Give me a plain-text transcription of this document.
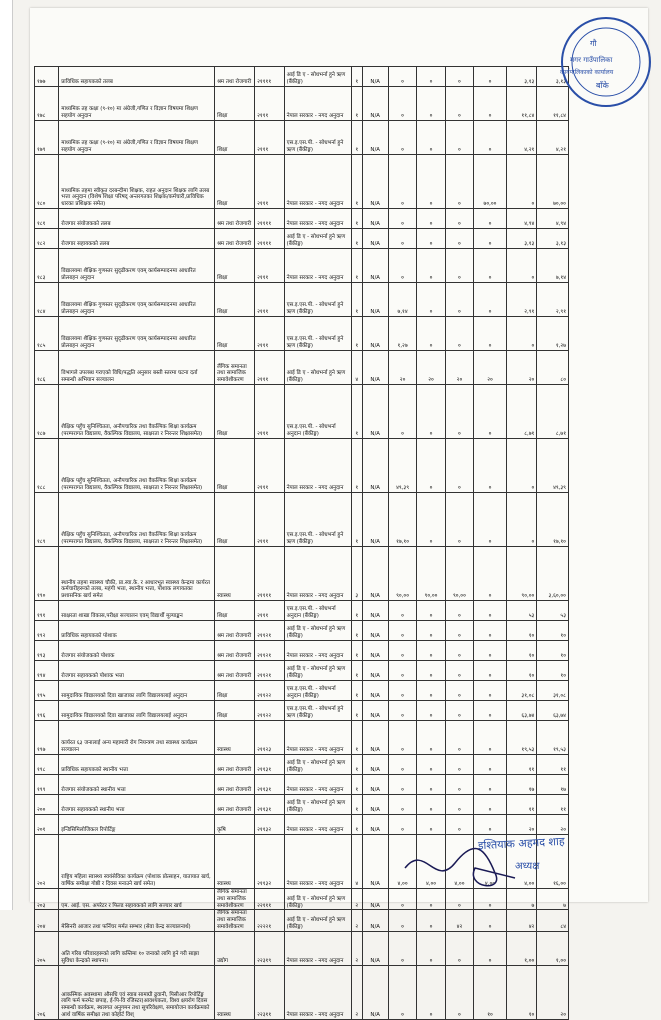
१७७	प्राविधिक सहायकको तलब	श्रम तथा रोजगारी	२११११	आई डि ए - सोधभर्ना हुने ऋण (बैंकीङ्ग)	१	N/A	०	०	०	०	३,१३	३,१३
१७८	माध्यमिक तह कक्षा (९-१०) मा अंग्रेजी,गणित र विज्ञान विषयमा शिक्षण सहयोग अनुदान	शिक्षा	२१११	नेपाल सरकार - नगद अनुदान	१	N/A	०	०	०	०	११,८४	११,८४
१७९	माध्यमिक तह कक्षा (९-१०) मा अंग्रेजी,गणित र विज्ञान विषयमा शिक्षण सहयोग अनुदान	शिक्षा	२१११	एस.इ.एस.पी. - सोधभर्ना हुने ऋण (बैंकीङ्ग)	१	N/A	०	०	०	०	४,२१	४,२१
१८०	माध्यमिक तहमा स्वीकृत दरबन्दीमा शिक्षक, राहत अनुदान शिक्षक लागि तलब भत्ता अनुदान (विशेष शिक्षा परिषद् अन्तरगतका शिक्षक/कर्मचारी,प्राविधिक धारका प्रशिक्षक समेत)	शिक्षा	२१११	नेपाल सरकार - नगद अनुदान	१	N/A	०	०	०	७०,००	०	७०,००
१८१	रोजगार संयोजकको तलब	श्रम तथा रोजगारी	२११११	नेपाल सरकार - नगद अनुदान	१	N/A	०	०	०	०	४,९४	४,९४
१८२	रोजगार सहायकको तलब	श्रम तथा रोजगारी	२११११	आई डि ए - सोधभर्ना हुने ऋण (बैंकीङ्ग)	१	N/A	०	०	०	०	३,१३	३,१३
१८३	विद्यालयमा शैक्षिक गुणस्तर सुदृढीकरण एवम् कार्यसम्पादनमा आधारित प्रोत्साहन अनुदान	शिक्षा	२१११	नेपाल सरकार - नगद अनुदान	१	N/A	०	०	०	०	०	७,१४
१८४	विद्यालयमा शैक्षिक गुणस्तर सुदृढीकरण एवम् कार्यसम्पादनमा आधारित प्रोत्साहन अनुदान	शिक्षा	२१११	एस.इ.एस.पी. - सोधभर्ना हुने ऋण (बैंकीङ्ग)	१	N/A	७,१४	०	०	०	२,९१	२,९१
१८५	विद्यालयमा शैक्षिक गुणस्तर सुदृढीकरण एवम् कार्यसम्पादनमा आधारित प्रोत्साहन अनुदान	शिक्षा	२१११	एस.इ.एस.पी. - सोधभर्ना हुने ऋण (बैंकीङ्ग)	१	N/A	१,२७	०	०	०	०	१,२७
१८६	विभागले उपलब्ध गराएको विधि/पद्धति अनुसार बस्ती स्तरमा घटना दर्ता सम्बन्धी अभियान सञ्चालन	लैंगिक समानता तथा सामाजिक समावेशीकरण	२१११	आई डि ए - सोधभर्ना हुने ऋण (बैंकीङ्ग)	४	N/A	२०	२०	२०	२०	२०	८०
१८७	शैक्षिक पहुँच सुनिश्चितता, अनौपचारिक तथा वैकल्पिक शिक्षा कार्यक्रम (परम्परागत विद्यालय, वैकल्पिक विद्यालय, साक्षरता र निरन्तर शिक्षासमेत)	शिक्षा	२१११	एस.इ.एस.पी. - सोधभर्ना अनुदान (बैंकीङ्ग)	१	N/A	०	०	०	०	८,७१	८,७१
१८८	शैक्षिक पहुँच सुनिश्चितता, अनौपचारिक तथा वैकल्पिक शिक्षा कार्यक्रम (परम्परागत विद्यालय, वैकल्पिक विद्यालय, साक्षरता र निरन्तर शिक्षासमेत)	शिक्षा	२१११	नेपाल सरकार - नगद अनुदान	१	N/A	४९,३९	०	०	०	०	४९,३९
१८९	शैक्षिक पहुँच सुनिश्चितता, अनौपचारिक तथा वैकल्पिक शिक्षा कार्यक्रम (परम्परागत विद्यालय, वैकल्पिक विद्यालय, साक्षरता र निरन्तर शिक्षासमेत)	शिक्षा	२१११	एस.इ.एस.पी. - सोधभर्ना हुने ऋण (बैंकीङ्ग)	१	N/A	१७,१०	०	०	०	०	१७,१०
१९०	स्थानीय तहमा स्वास्थ्य चौकी, प्रा.स्वा.के. र आधारभूत स्वास्थ्य केन्द्रमा कार्यरत कर्मचारीहरूको तलब, महंगी भत्ता, स्थानीय भत्ता, पोशाक लगायतका प्रशासनिक खर्च समेत	स्वास्थ्य	२११११	नेपाल सरकार - नगद अनुदान	३	N/A	९०,००	९०,००	९०,००	०	९०,००	३,६०,००
१९१	साक्षरता शाखा विकास,परीक्षा सञ्चालन एवम् विद्यार्थी मूल्याङ्कन	शिक्षा	२१११	एस.इ.एस.पी. - सोधभर्ना अनुदान (बैंकीङ्ग)	१	N/A	०	०	०	०	५३	५३
१९२	प्राविधिक सहायकको पोशाक	श्रम तथा रोजगारी	२११२१	आई डि ए - सोधभर्ना हुने ऋण (बैंकीङ्ग)	१	N/A	०	०	०	०	१०	१०
१९३	रोजगार संयोजकको पोशाक	श्रम तथा रोजगारी	२११२१	नेपाल सरकार - नगद अनुदान	१	N/A	०	०	०	०	१०	१०
१९४	रोजगार सहायकको पोशाक भत्ता	श्रम तथा रोजगारी	२११२१	आई डि ए - सोधभर्ना हुने ऋण (बैंकीङ्ग)	१	N/A	०	०	०	०	१०	१०
१९५	सामुदायिक विद्यालयको दिवा खाजाका लागि विद्यालयलाई अनुदान	शिक्षा	२११२२	एस.इ.एस.पी. - सोधभर्ना अनुदान (बैंकीङ्ग)	१	N/A	०	०	०	०	३१,०८	३१,०८
१९६	सामुदायिक विद्यालयको दिवा खाजाका लागि विद्यालयलाई अनुदान	शिक्षा	२११२२	एस.इ.एस.पी. - सोधभर्ना हुने ऋण (बैंकीङ्ग)	१	N/A	०	०	०	०	६३,७४	६३,७४
१९७	कार्यरत ६३ जनालाई अन्य महामारी रोग नियन्त्रण तथा स्वास्थ्य कार्यक्रम सञ्चालन	स्वास्थ्य	२११२३	नेपाल सरकार - नगद अनुदान	१	N/A	०	०	०	०	१९,५३	१९,५३
१९८	प्राविधिक सहायकको स्थानीय भत्ता	श्रम तथा रोजगारी	२११३१	आई डि ए - सोधभर्ना हुने ऋण (बैंकीङ्ग)	१	N/A	०	०	०	०	११	११
१९९	रोजगार संयोजकको स्थानीय भत्ता	श्रम तथा रोजगारी	२११३१	नेपाल सरकार - नगद अनुदान	१	N/A	०	०	०	०	१७	१७
२००	रोजगार सहायकको स्थानीय भत्ता	श्रम तथा रोजगारी	२११३१	आई डि ए - सोधभर्ना हुने ऋण (बैंकीङ्ग)	१	N/A	०	०	०	०	११	११
२०१	इन्डिसिमिलोजिकल रिपोर्टिङ्ग	कृषि	२११३२	नेपाल सरकार - नगद अनुदान	१	N/A	०	०	०	०	२०	२०
२०२	राष्ट्रिय महिला स्वास्थ्य स्वयंसेविका कार्यक्रम (पोशाक प्रोत्साहन, यातायात खर्च, वार्षिक समीक्षा गोष्ठी र दिवस मनाउने खर्च समेत)	स्वास्थ्य	२११३२	नेपाल सरकार - नगद अनुदान	४	N/A	४,००	४,००	४,००	४,००	४,००	१६,००
२०३	एम. आई. एस. अपरेटर र फिल्ड सहायकको लागि सञ्चार खर्च	लैंगिक समानता तथा सामाजिक समावेशीकरण	२२१११	आई डि ए - सोधभर्ना हुने ऋण (बैंकीङ्ग)	२	N/A	०	०	०	०	७	७
२०४	मेसिनरी आजार तथा फर्निचर मर्मत सम्भार (सेवा केन्द्र सञ्चालनार्थ)	लैंगिक समानता तथा सामाजिक समावेशीकरण	२२२२१	आई डि ए - सोधभर्ना हुने ऋण (बैंकीङ्ग)	२	N/A	०	०	४२	०	४२	८४
२०५	अति गरिब परिवारहरूको लागि कम्तिमा १० जनाको लागि हुने गरी साझा सुविधा केन्द्रको स्थापना।	उद्योग	२२३१९	नेपाल सरकार - नगद अनुदान	२	N/A	०	०	०	०	१,००	१,००
२०६	आकस्मिक अवस्थामा औसधि एवं स्वाब सामाग्री ढुवानी, पिसीआर रिपोर्टिङ्ग लागि फर्म फरमेट छपाइ, ई-पि-वि रजिस्टर(आवश्यकता, विश्व क्षयरोग दिवस सम्बन्धी कार्यक्रम, स्थलगत अनुगमन तथा सुपरिवेक्षण, समायोजन कार्यक्रमको आर्थ वार्षिक समीक्षा तथा कोहोर्ट विश्	स्वास्थ्य	२२३११	नेपाल सरकार - नगद अनुदान	२	N/A	०	०	०	१०	१०	२०
गौ
मगर गाउँपालिका
कार्यपालिकाको कार्यालय
बाँके
इश्तियाक अहमद शाह
अध्यक्ष
